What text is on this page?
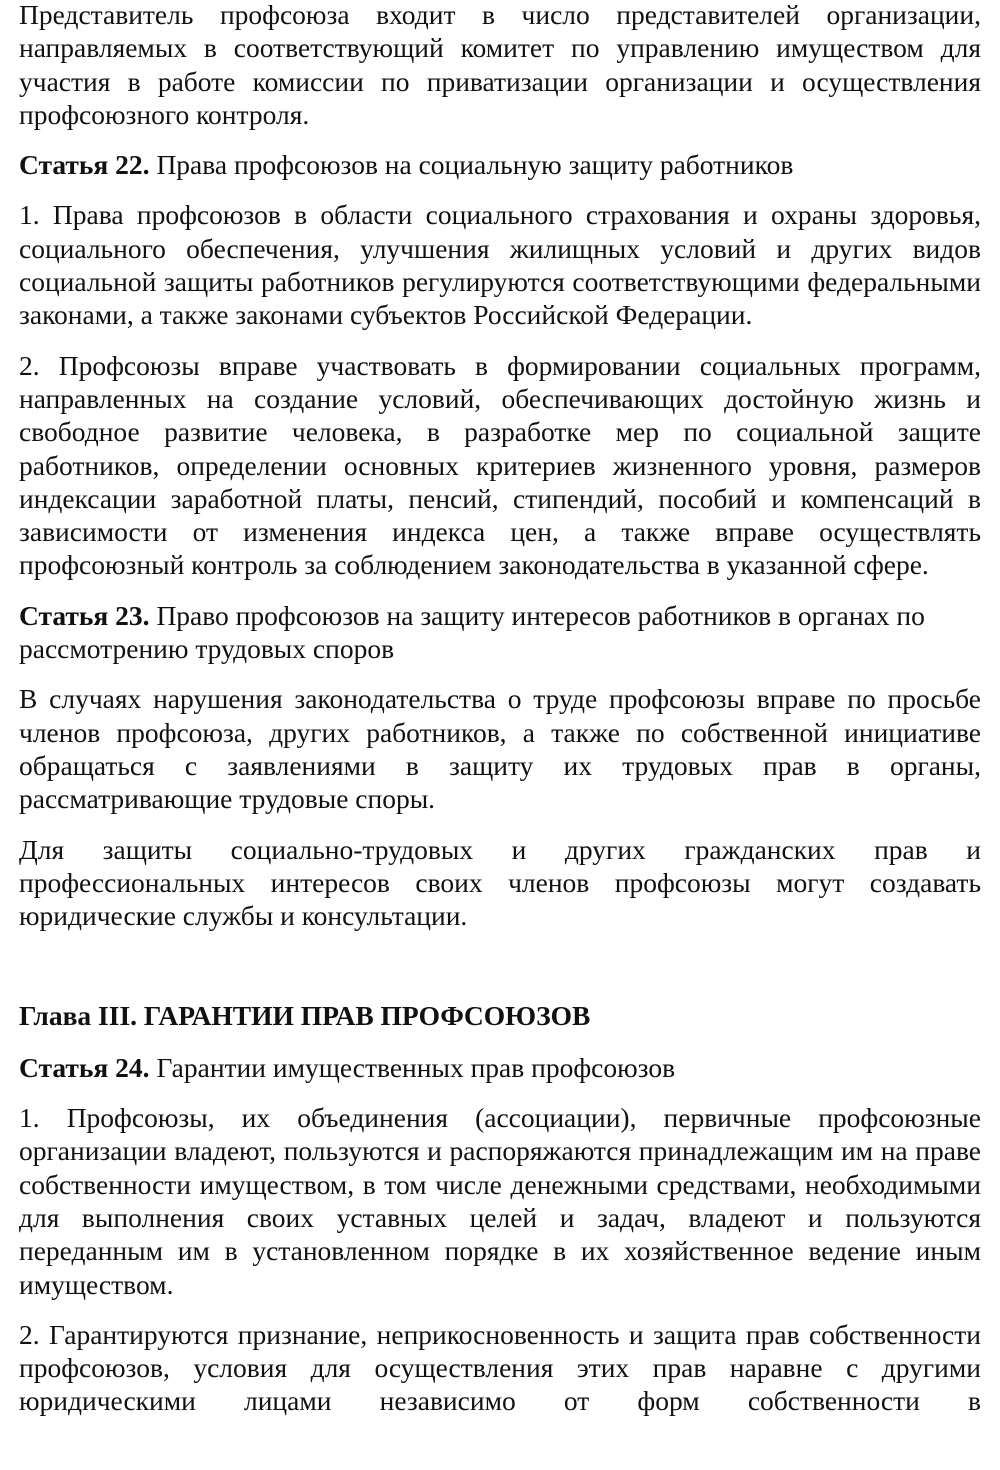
Представитель профсоюза входит в число представителей организации, направляемых в соответствующий комитет по управлению имуществом для участия в работе комиссии по приватизации организации и осуществления профсоюзного контроля.

Статья 22. Права профсоюзов на социальную защиту работников

1. Права профсоюзов в области социального страхования и охраны здоровья, социального обеспечения, улучшения жилищных условий и других видов социальной защиты работников регулируются соответствующими федеральными законами, а также законами субъектов Российской Федерации.

2. Профсоюзы вправе участвовать в формировании социальных программ, направленных на создание условий, обеспечивающих достойную жизнь и свободное развитие человека, в разработке мер по социальной защите работников, определении основных критериев жизненного уровня, размеров индексации заработной платы, пенсий, стипендий, пособий и компенсаций в зависимости от изменения индекса цен, а также вправе осуществлять профсоюзный контроль за соблюдением законодательства в указанной сфере.

Статья 23. Право профсоюзов на защиту интересов работников в органах по рассмотрению трудовых споров

В случаях нарушения законодательства о труде профсоюзы вправе по просьбе членов профсоюза, других работников, а также по собственной инициативе обращаться с заявлениями в защиту их трудовых прав в органы, рассматривающие трудовые споры.

Для защиты социально-трудовых и других гражданских прав и профессиональных интересов своих членов профсоюзы могут создавать юридические службы и консультации.

Глава III. ГАРАНТИИ ПРАВ ПРОФСОЮЗОВ

Статья 24. Гарантии имущественных прав профсоюзов

1. Профсоюзы, их объединения (ассоциации), первичные профсоюзные организации владеют, пользуются и распоряжаются принадлежащим им на праве собственности имуществом, в том числе денежными средствами, необходимыми для выполнения своих уставных целей и задач, владеют и пользуются переданным им в установленном порядке в их хозяйственное ведение иным имуществом.

2. Гарантируются признание, неприкосновенность и защита прав собственности профсоюзов, условия для осуществления этих прав наравне с другими юридическими лицами независимо от форм собственности в
